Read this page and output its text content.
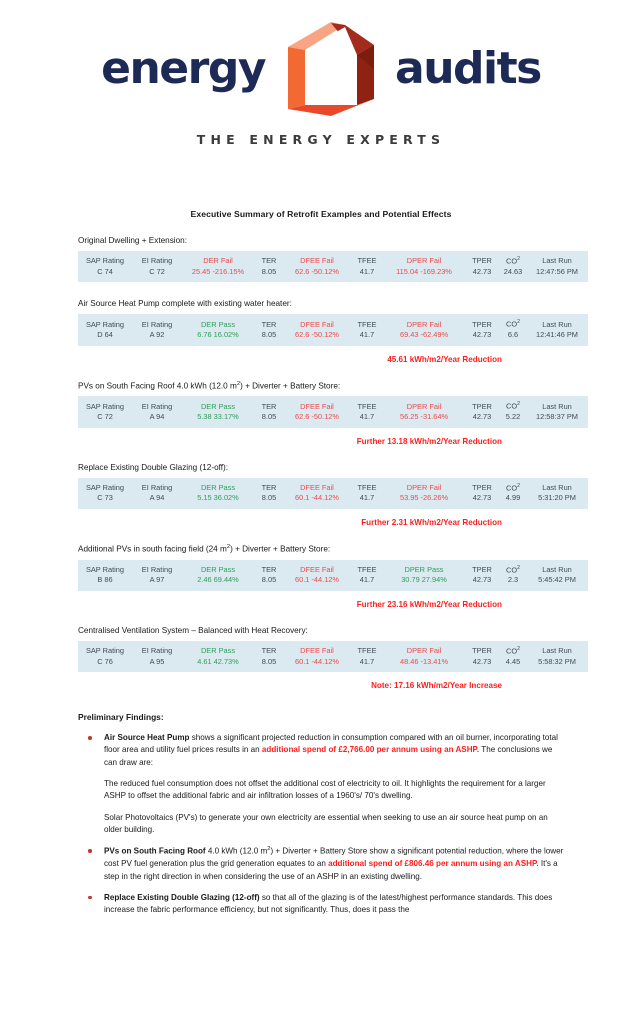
energy	audits
THE ENERGY EXPERTS
Executive Summary of Retrofit Examples and Potential Effects
Original Dwelling + Extension:
SAP Rating	EI Rating	DER Fail	TER	DFEE Fail	TFEE	DPER Fail	TPER	$CO^2$	Last Run
C 74	C 72	25.45 -216.15%	8.05	62.6 -50.12%	41.7	115.04 -169.23%	42.73	24.63	12:47:56 PM
Air Source Heat Pump complete with existing water heater:
SAP Rating	EI Rating	DER Pass	TER	DFEE Fail	TFEE	DPER Fail	TPER	$CO^2$	Last Run
D 64	A 92	6.76 16.02%	8.05	62.6 -50.12%	41.7	69.43 -62.49%	42.73	6.6	12:41:46 PM
45.61 kWh/m2/Year Reduction
PVs on South Facing Roof 4.0 kWh (12.0 $m^2$) + Diverter + Battery Store:
SAP Rating	EI Rating	DER Pass	TER	DFEE Fail	TFEE	DPER Fail	TPER	$CO^2$	Last Run
C 72	A 94	5.38 33.17%	8.05	62.6 -50.12%	41.7	56.25 -31.64%	42.73	5.22	12:58:37 PM
Further 13.18 kWh/m2/Year Reduction
Replace Existing Double Glazing (12-off):
SAP Rating	EI Rating	DER Pass	TER	DFEE Fail	TFEE	DPER Fail	TPER	$CO^2$	Last Run
C 73	A 94	5.15 36.02%	8.05	60.1 -44.12%	41.7	53.95 -26.26%	42.73	4.99	5:31:20 PM
Further 2.31 kWh/m2/Year Reduction
Additional PVs in south facing field (24 $m^2$) + Diverter + Battery Store:
SAP Rating	EI Rating	DER Pass	TER	DFEE Fail	TFEE	DPER Pass	TPER	$CO^2$	Last Run
B 86	A 97	2.46 69.44%	8.05	60.1 -44.12%	41.7	30.79 27.94%	42.73	2.3	5:45:42 PM
Further 23.16 kWh/m2/Year Reduction
Centralised Ventilation System – Balanced with Heat Recovery:
SAP Rating	EI Rating	DER Pass	TER	DFEE Fail	TFEE	DPER Fail	TPER	$CO^2$	Last Run
C 76	A 95	4.61 42.73%	8.05	60.1 -44.12%	41.7	48.46 -13.41%	42.73	4.45	5:58:32 PM
Note: 17.16 kWh/m2/Year Increase
Preliminary Findings:
Air Source Heat Pump shows a significant projected reduction in consumption compared with an oil burner, incorporating total floor area and utility fuel prices results in an additional spend of £2,766.00 per annum using an ASHP. The conclusions we can draw are:
The reduced fuel consumption does not offset the additional cost of electricity to oil. It highlights the requirement for a larger ASHP to offset the additional fabric and air infiltration losses of a 1960's/ 70's dwelling.
Solar Photovoltaics (PV's) to generate your own electricity are essential when seeking to use an air source heat pump on an older building.
PVs on South Facing Roof 4.0 kWh (12.0 $m^2$) + Diverter + Battery Store show a significant potential reduction, where the lower cost PV fuel generation plus the grid generation equates to an additional spend of £806.46 per annum using an ASHP. It's a step in the right direction in when considering the use of an ASHP in an existing dwelling.
Replace Existing Double Glazing (12-off) so that all of the glazing is of the latest/highest performance standards. This does increase the fabric performance efficiency, but not significantly. Thus, does it pass the
